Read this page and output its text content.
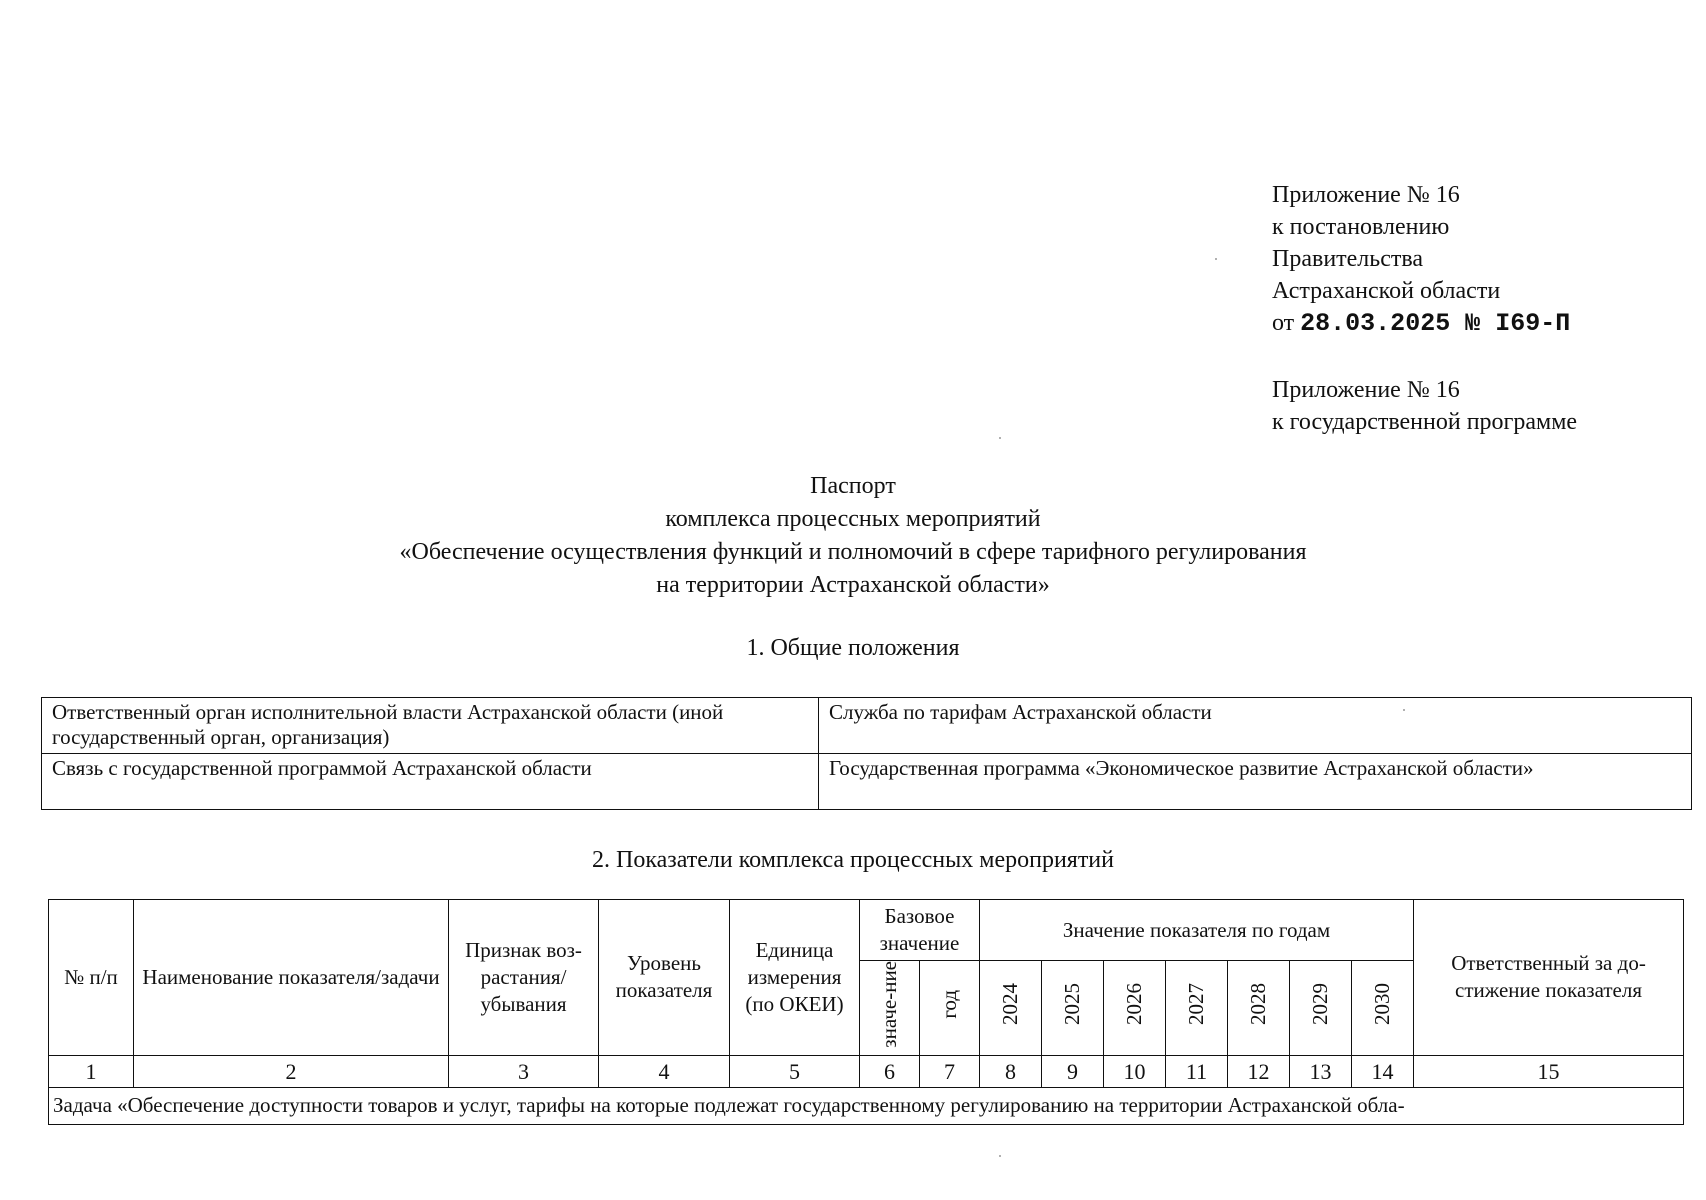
Приложение № 16
к постановлению
Правительства
Астраханской области
от 28.03.2025 № I69-П
Приложение № 16
к государственной программе
Паспорт
комплекса процессных мероприятий
«Обеспечение осуществления функций и полномочий в сфере тарифного регулирования
на территории Астраханской области»
1. Общие положения
Ответственный орган исполнительной власти Астраханской области (иной государственный орган, организация)	Служба по тарифам Астраханской области
Связь с государственной программой Астраханской области	Государственная программа «Экономическое развитие Астраханской области»
2. Показатели комплекса процессных мероприятий
№ п/п	Наименование показателя/задачи	Признак воз-растания/ убывания	Уровень показателя	Единица измерения (по ОКЕИ)	Базовое значение		Значение показателя по годам							Ответственный за до-стижение показателя
					значе-ние	год	2024	2025	2026	2027	2028	2029	2030	
1	2	3	4	5	6	7	8	9	10	11	12	13	14	15
Задача «Обеспечение доступности товаров и услуг, тарифы на которые подлежат государственному регулированию на территории Астраханской обла-														
